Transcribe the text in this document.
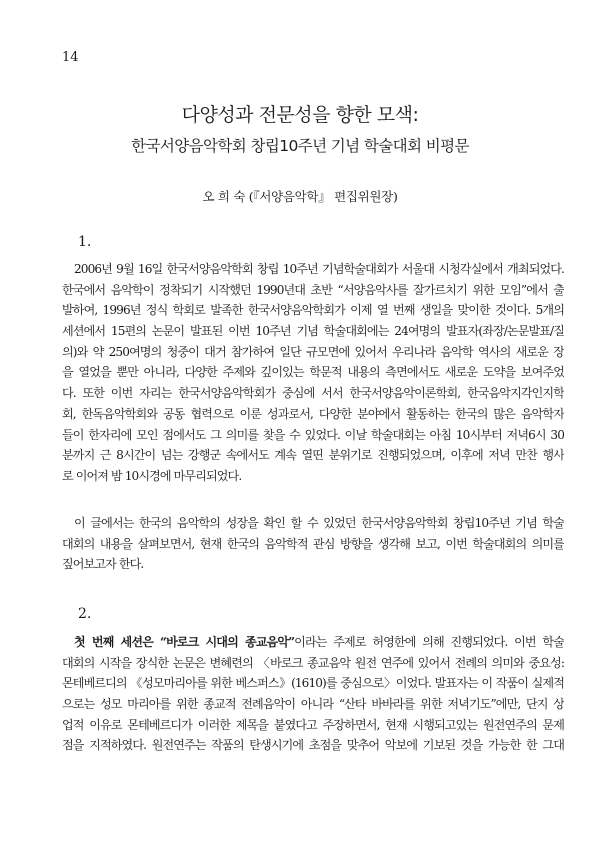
14
다양성과 전문성을 향한 모색:
한국서양음악학회 창립10주년 기념 학술대회 비평문
오 희 숙 (『서양음악학』 편집위원장)
1.
2006년 9월 16일 한국서양음악학회 창립 10주년 기념학술대회가 서울대 시청각실에서 개최되었다.
한국에서 음악학이 정착되기 시작했던 1990년대 초반 “서양음악사를 잘가르치기 위한 모임”에서 출
발하여, 1996년 정식 학회로 발족한 한국서양음악학회가 이제 열 번째 생일을 맞이한 것이다. 5개의
세션에서 15편의 논문이 발표된 이번 10주년 기념 학술대회에는 24여명의 발표자(좌장/논문발표/질
의)와 약 250여명의 청중이 대거 참가하여 일단 규모면에 있어서 우리나라 음악학 역사의 새로운 장
을 열었을 뿐만 아니라, 다양한 주제와 깊이있는 학문적 내용의 측면에서도 새로운 도약을 보여주었
다. 또한 이번 자리는 한국서양음악학회가 중심에 서서 한국서양음악이론학회, 한국음악지각인지학
회, 한독음악학회와 공동 협력으로 이룬 성과로서, 다양한 분야에서 활동하는 한국의 많은 음악학자
들이 한자리에 모인 점에서도 그 의미를 찾을 수 있었다. 이날 학술대회는 아침 10시부터 저녁6시 30
분까지 근 8시간이 넘는 강행군 속에서도 계속 열띤 분위기로 진행되었으며, 이후에 저녁 만찬 행사
로 이어져 밤 10시경에 마무리되었다.
이 글에서는 한국의 음악학의 성장을 확인 할 수 있었던 한국서양음악학회 창립10주년 기념 학술
대회의 내용을 살펴보면서, 현재 한국의 음악학적 관심 방향을 생각해 보고, 이번 학술대회의 의미를
짚어보고자 한다.
2.
첫 번째 세션은 “바로크 시대의 종교음악”이라는 주제로 허영한에 의해 진행되었다. 이번 학술
대회의 시작을 장식한 논문은 변혜련의 〈바로크 종교음악 원전 연주에 있어서 전례의 의미와 중요성:
몬테베르디의 《성모마리아를 위한 베스퍼스》(1610)를 중심으로〉이었다. 발표자는 이 작품이 실제적
으로는 성모 마리아를 위한 종교적 전례음악이 아니라 “산타 바바라를 위한 저녁기도”에만, 단지 상
업적 이유로 몬테베르디가 이러한 제목을 붙였다고 주장하면서, 현재 시행되고있는 원전연주의 문제
점을 지적하였다. 원전연주는 작품의 탄생시기에 초점을 맞추어 악보에 기보된 것을 가능한 한 그대
